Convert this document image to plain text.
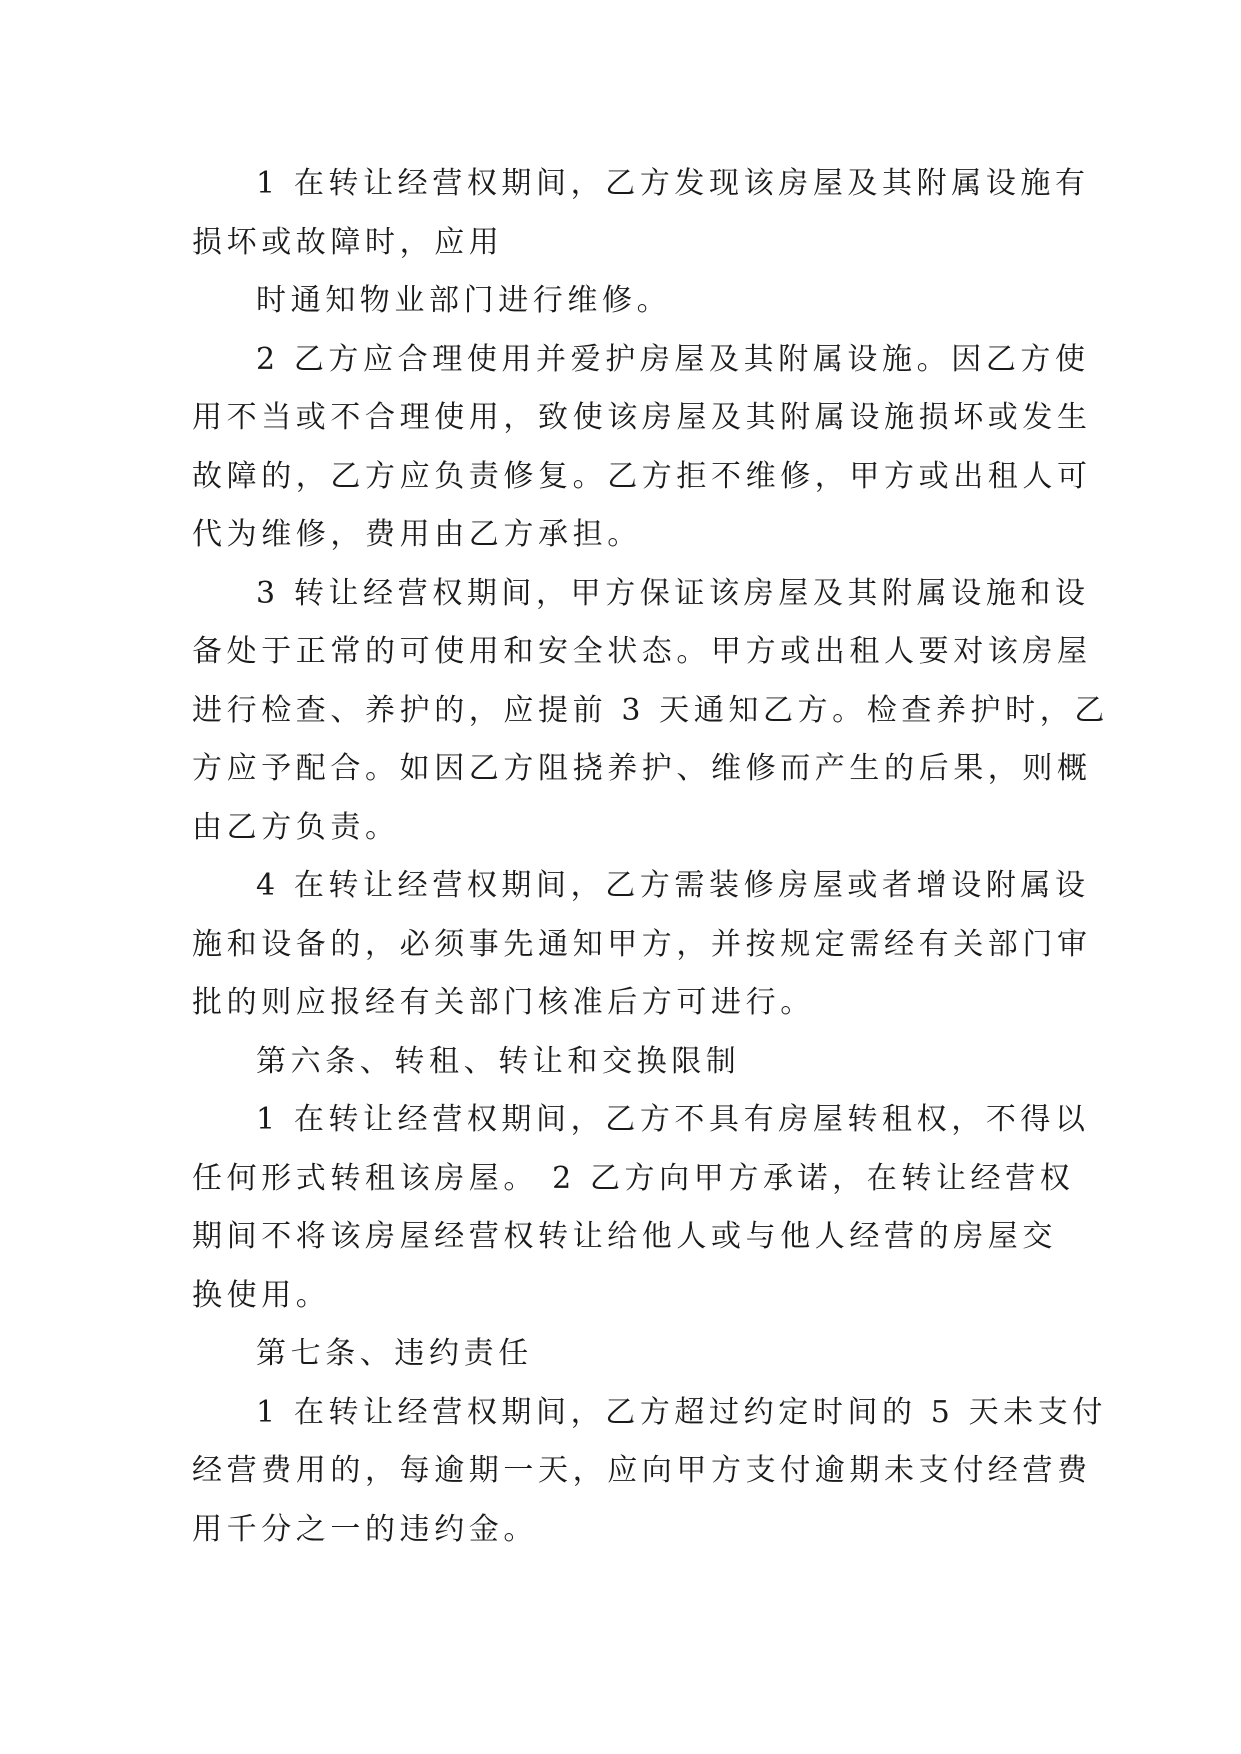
1 在转让经营权期间，乙方发现该房屋及其附属设施有
损坏或故障时，应用
时通知物业部门进行维修。
2 乙方应合理使用并爱护房屋及其附属设施。因乙方使
用不当或不合理使用，致使该房屋及其附属设施损坏或发生
故障的，乙方应负责修复。乙方拒不维修，甲方或出租人可
代为维修，费用由乙方承担。
3 转让经营权期间，甲方保证该房屋及其附属设施和设
备处于正常的可使用和安全状态。甲方或出租人要对该房屋
进行检查、养护的，应提前 3 天通知乙方。检查养护时，乙
方应予配合。如因乙方阻挠养护、维修而产生的后果，则概
由乙方负责。
4 在转让经营权期间，乙方需装修房屋或者增设附属设
施和设备的，必须事先通知甲方，并按规定需经有关部门审
批的则应报经有关部门核准后方可进行。
第六条、转租、转让和交换限制
1 在转让经营权期间，乙方不具有房屋转租权，不得以
任何形式转租该房屋。 2 乙方向甲方承诺，在转让经营权
期间不将该房屋经营权转让给他人或与他人经营的房屋交
换使用。
第七条、违约责任
1 在转让经营权期间，乙方超过约定时间的 5 天未支付
经营费用的，每逾期一天，应向甲方支付逾期未支付经营费
用千分之一的违约金。
